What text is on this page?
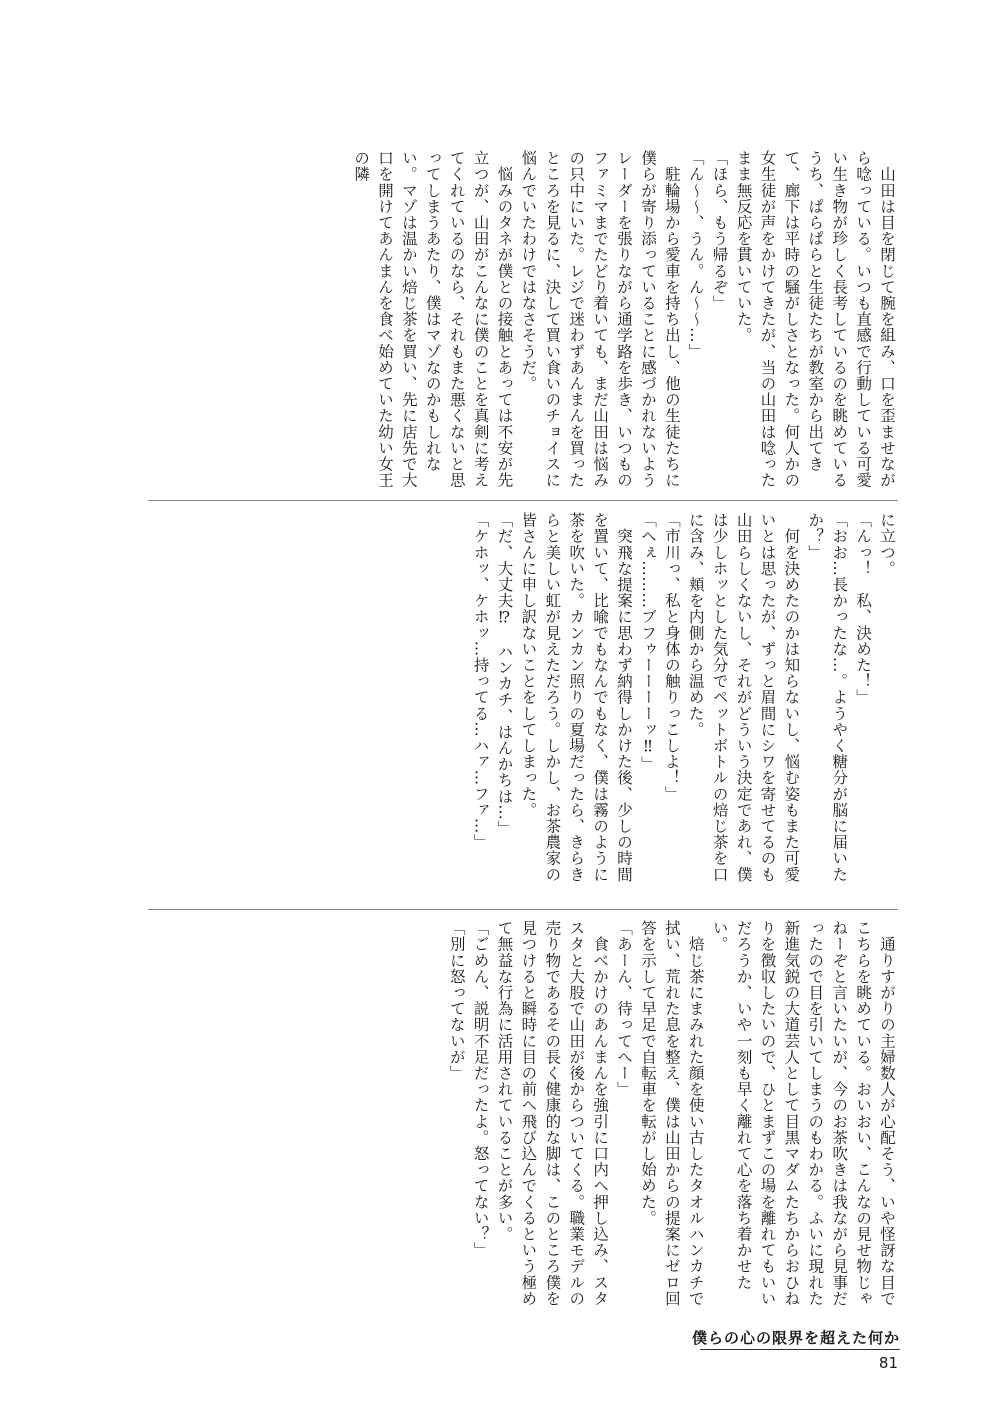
　山田は目を閉じて腕を組み、口を歪ませながら唸っている。いつも直感で行動している可愛い生き物が珍しく長考しているのを眺めているうち、ぱらぱらと生徒たちが教室から出てきて、廊下は平時の騒がしさとなった。何人かの女生徒が声をかけてきたが、当の山田は唸ったまま無反応を貫いていた。

「ほら、もう帰るぞ」

「ん〜〜、うん。ん〜〜…」

　駐輪場から愛車を持ち出し、他の生徒たちに僕らが寄り添っていることに感づかれないようレーダーを張りながら通学路を歩き、いつものファミマまでたどり着いても、まだ山田は悩みの只中にいた。レジで迷わずあんまんを買ったところを見るに、決して買い食いのチョイスに悩んでいたわけではなさそうだ。

　悩みのタネが僕との接触とあっては不安が先立つが、山田がこんなに僕のことを真剣に考えてくれているのなら、それもまた悪くないと思ってしまうあたり、僕はマゾなのかもしれない。マゾは温かい焙じ茶を買い、先に店先で大口を開けてあんまんを食べ始めていた幼い女王の隣

に立つ。

「んっ！　私、決めた！」

「おお…長かったな…。ようやく糖分が脳に届いたか？」

　何を決めたのかは知らないし、悩む姿もまた可愛いとは思ったが、ずっと眉間にシワを寄せてるのも山田らしくないし、それがどういう決定であれ、僕は少しホッとした気分でペットボトルの焙じ茶を口に含み、頬を内側から温めた。

「市川っ、私と身体の触りっこしよ！」

「へぇ………ブフゥーーーーッ‼」

　突飛な提案に思わず納得しかけた後、少しの時間を置いて、比喩でもなんでもなく、僕は霧のように茶を吹いた。カンカン照りの夏場だったら、きらきらと美しい虹が見えただろう。しかし、お茶農家の皆さんに申し訳ないことをしてしまった。

「だ、大丈夫⁉　ハンカチ、はんかちは…」

「ケホッ、ケホッ…持ってる…ハァ…ファ…」

　通りすがりの主婦数人が心配そう、いや怪訝な目でこちらを眺めている。おいおい、こんなの見せ物じゃねーぞと言いたいが、今のお茶吹きは我ながら見事だったので目を引いてしまうのもわかる。ふいに現れた新進気鋭の大道芸人として目黒マダムたちからおひねりを徴収したいので、ひとまずこの場を離れてもいいだろうか、いや一刻も早く離れて心を落ち着かせたい。

　焙じ茶にまみれた顔を使い古したタオルハンカチで拭い、荒れた息を整え、僕は山田からの提案にゼロ回答を示して早足で自転車を転がし始めた。

「あーん、待ってへー」

　食べかけのあんまんを強引に口内へ押し込み、スタスタと大股で山田が後からついてくる。職業モデルの売り物であるその長く健康的な脚は、このところ僕を見つけると瞬時に目の前へ飛び込んでくるという極めて無益な行為に活用されていることが多い。

「ごめん、説明不足だったよ。怒ってない？」

「別に怒ってないが」

僕らの心の限界を超えた何か
81
